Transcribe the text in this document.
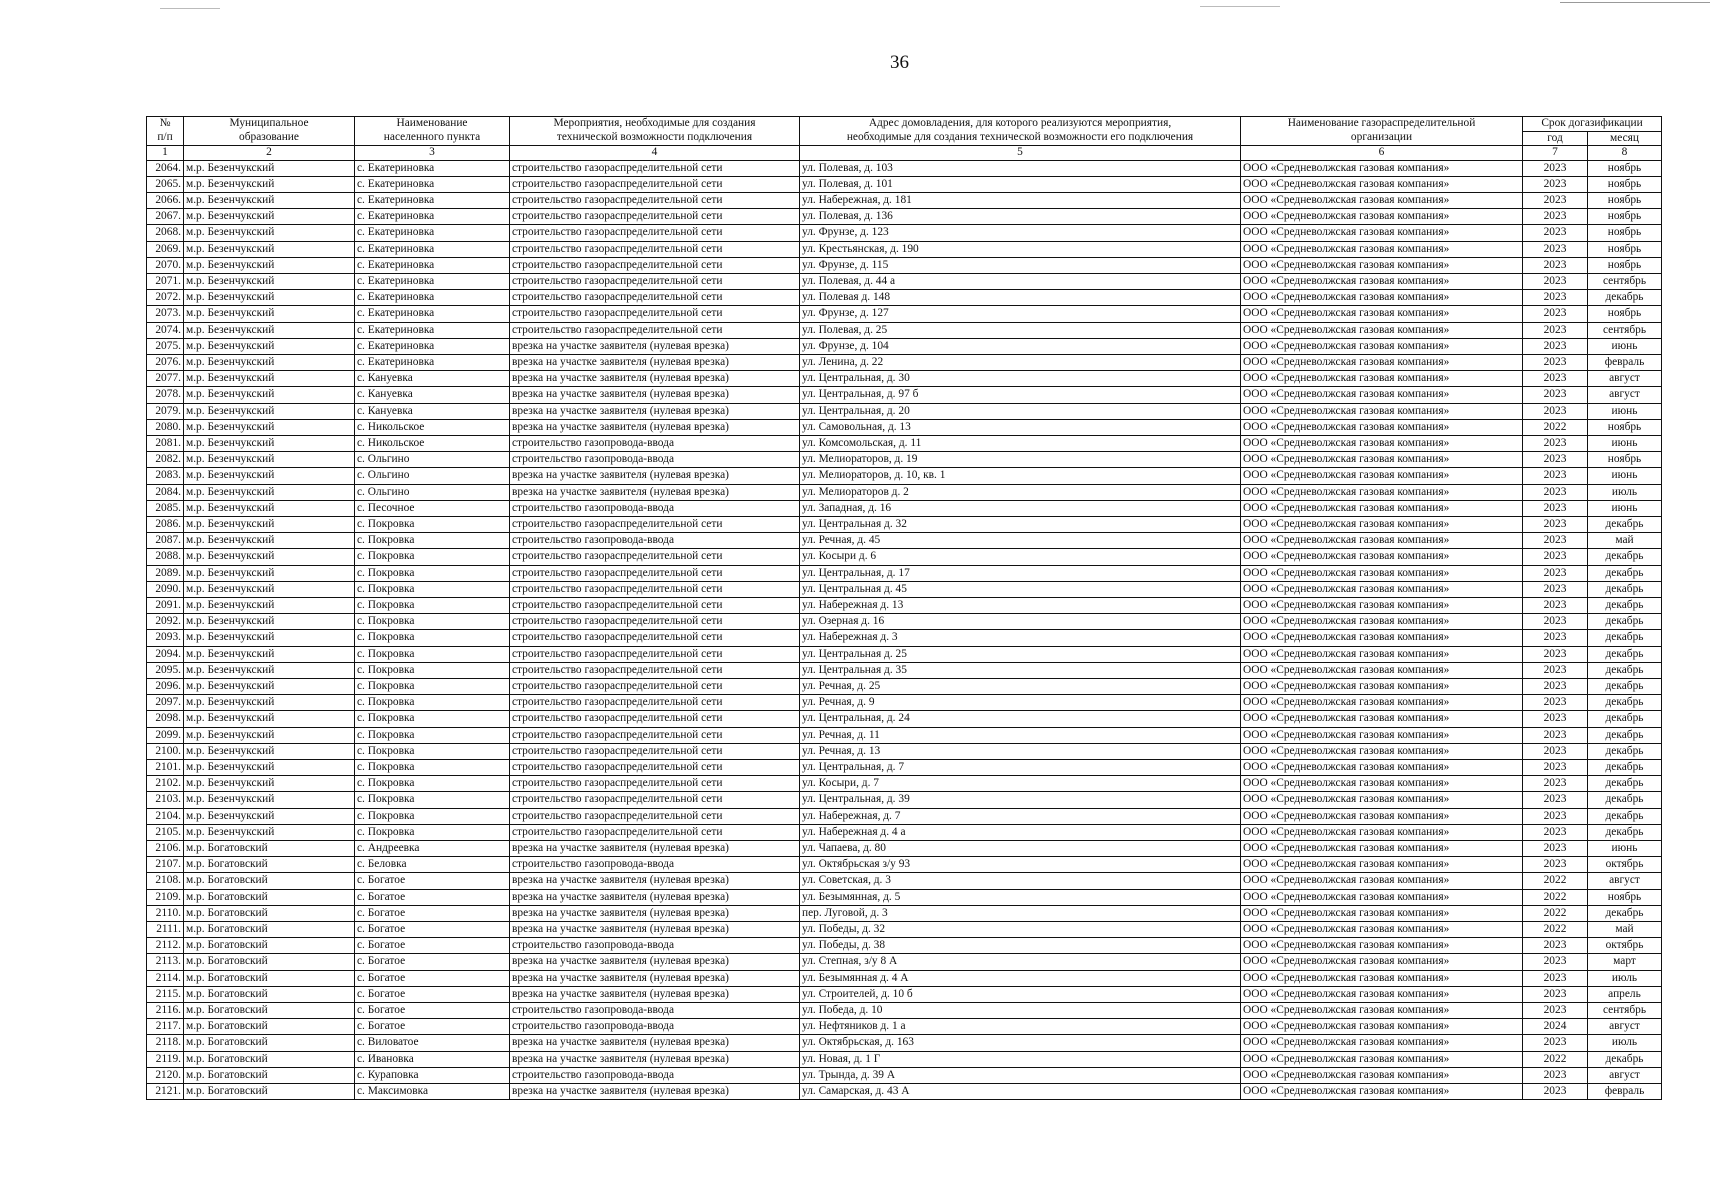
36
№	Муниципальное	Наименование	Мероприятия, необходимые для создания	Адрес домовладения, для которого реализуются мероприятия,	Наименование газораспределительной	Срок догазификации	
п/п	образование	населенного пункта	технической возможности подключения	необходимые для создания технической возможности его подключения	организации	год	месяц
1	2	3	4	5	6	7	8
2064.	м.р. Безенчукский	с. Екатериновка	строительство газораспределительной сети	ул. Полевая, д. 103	ООО «Средневолжская газовая компания»	2023	ноябрь
2065.	м.р. Безенчукский	с. Екатериновка	строительство газораспределительной сети	ул. Полевая, д. 101	ООО «Средневолжская газовая компания»	2023	ноябрь
2066.	м.р. Безенчукский	с. Екатериновка	строительство газораспределительной сети	ул. Набережная, д. 181	ООО «Средневолжская газовая компания»	2023	ноябрь
2067.	м.р. Безенчукский	с. Екатериновка	строительство газораспределительной сети	ул. Полевая, д. 136	ООО «Средневолжская газовая компания»	2023	ноябрь
2068.	м.р. Безенчукский	с. Екатериновка	строительство газораспределительной сети	ул. Фрунзе, д. 123	ООО «Средневолжская газовая компания»	2023	ноябрь
2069.	м.р. Безенчукский	с. Екатериновка	строительство газораспределительной сети	ул. Крестьянская, д. 190	ООО «Средневолжская газовая компания»	2023	ноябрь
2070.	м.р. Безенчукский	с. Екатериновка	строительство газораспределительной сети	ул. Фрунзе, д. 115	ООО «Средневолжская газовая компания»	2023	ноябрь
2071.	м.р. Безенчукский	с. Екатериновка	строительство газораспределительной сети	ул. Полевая, д. 44 а	ООО «Средневолжская газовая компания»	2023	сентябрь
2072.	м.р. Безенчукский	с. Екатериновка	строительство газораспределительной сети	ул. Полевая д. 148	ООО «Средневолжская газовая компания»	2023	декабрь
2073.	м.р. Безенчукский	с. Екатериновка	строительство газораспределительной сети	ул. Фрунзе, д. 127	ООО «Средневолжская газовая компания»	2023	ноябрь
2074.	м.р. Безенчукский	с. Екатериновка	строительство газораспределительной сети	ул. Полевая, д. 25	ООО «Средневолжская газовая компания»	2023	сентябрь
2075.	м.р. Безенчукский	с. Екатериновка	врезка на участке заявителя (нулевая врезка)	ул. Фрунзе, д. 104	ООО «Средневолжская газовая компания»	2023	июнь
2076.	м.р. Безенчукский	с. Екатериновка	врезка на участке заявителя (нулевая врезка)	ул. Ленина, д. 22	ООО «Средневолжская газовая компания»	2023	февраль
2077.	м.р. Безенчукский	с. Кануевка	врезка на участке заявителя (нулевая врезка)	ул. Центральная, д. 30	ООО «Средневолжская газовая компания»	2023	август
2078.	м.р. Безенчукский	с. Кануевка	врезка на участке заявителя (нулевая врезка)	ул. Центральная, д. 97 б	ООО «Средневолжская газовая компания»	2023	август
2079.	м.р. Безенчукский	с. Кануевка	врезка на участке заявителя (нулевая врезка)	ул. Центральная, д. 20	ООО «Средневолжская газовая компания»	2023	июнь
2080.	м.р. Безенчукский	с. Никольское	врезка на участке заявителя (нулевая врезка)	ул. Самовольная, д. 13	ООО «Средневолжская газовая компания»	2022	ноябрь
2081.	м.р. Безенчукский	с. Никольское	строительство газопровода-ввода	ул. Комсомольская, д. 11	ООО «Средневолжская газовая компания»	2023	июнь
2082.	м.р. Безенчукский	с. Ольгино	строительство газопровода-ввода	ул. Мелиораторов, д. 19	ООО «Средневолжская газовая компания»	2023	ноябрь
2083.	м.р. Безенчукский	с. Ольгино	врезка на участке заявителя (нулевая врезка)	ул. Мелиораторов, д. 10, кв. 1	ООО «Средневолжская газовая компания»	2023	июнь
2084.	м.р. Безенчукский	с. Ольгино	врезка на участке заявителя (нулевая врезка)	ул. Мелиораторов д. 2	ООО «Средневолжская газовая компания»	2023	июль
2085.	м.р. Безенчукский	с. Песочное	строительство газопровода-ввода	ул. Западная, д. 16	ООО «Средневолжская газовая компания»	2023	июнь
2086.	м.р. Безенчукский	с. Покровка	строительство газораспределительной сети	ул. Центральная д. 32	ООО «Средневолжская газовая компания»	2023	декабрь
2087.	м.р. Безенчукский	с. Покровка	строительство газопровода-ввода	ул. Речная, д. 45	ООО «Средневолжская газовая компания»	2023	май
2088.	м.р. Безенчукский	с. Покровка	строительство газораспределительной сети	ул. Косыри д. 6	ООО «Средневолжская газовая компания»	2023	декабрь
2089.	м.р. Безенчукский	с. Покровка	строительство газораспределительной сети	ул. Центральная, д. 17	ООО «Средневолжская газовая компания»	2023	декабрь
2090.	м.р. Безенчукский	с. Покровка	строительство газораспределительной сети	ул. Центральная д. 45	ООО «Средневолжская газовая компания»	2023	декабрь
2091.	м.р. Безенчукский	с. Покровка	строительство газораспределительной сети	ул. Набережная д. 13	ООО «Средневолжская газовая компания»	2023	декабрь
2092.	м.р. Безенчукский	с. Покровка	строительство газораспределительной сети	ул. Озерная д. 16	ООО «Средневолжская газовая компания»	2023	декабрь
2093.	м.р. Безенчукский	с. Покровка	строительство газораспределительной сети	ул. Набережная д. 3	ООО «Средневолжская газовая компания»	2023	декабрь
2094.	м.р. Безенчукский	с. Покровка	строительство газораспределительной сети	ул. Центральная д. 25	ООО «Средневолжская газовая компания»	2023	декабрь
2095.	м.р. Безенчукский	с. Покровка	строительство газораспределительной сети	ул. Центральная д. 35	ООО «Средневолжская газовая компания»	2023	декабрь
2096.	м.р. Безенчукский	с. Покровка	строительство газораспределительной сети	ул. Речная, д. 25	ООО «Средневолжская газовая компания»	2023	декабрь
2097.	м.р. Безенчукский	с. Покровка	строительство газораспределительной сети	ул. Речная, д. 9	ООО «Средневолжская газовая компания»	2023	декабрь
2098.	м.р. Безенчукский	с. Покровка	строительство газораспределительной сети	ул. Центральная, д. 24	ООО «Средневолжская газовая компания»	2023	декабрь
2099.	м.р. Безенчукский	с. Покровка	строительство газораспределительной сети	ул. Речная, д. 11	ООО «Средневолжская газовая компания»	2023	декабрь
2100.	м.р. Безенчукский	с. Покровка	строительство газораспределительной сети	ул. Речная, д. 13	ООО «Средневолжская газовая компания»	2023	декабрь
2101.	м.р. Безенчукский	с. Покровка	строительство газораспределительной сети	ул. Центральная, д. 7	ООО «Средневолжская газовая компания»	2023	декабрь
2102.	м.р. Безенчукский	с. Покровка	строительство газораспределительной сети	ул. Косыри, д. 7	ООО «Средневолжская газовая компания»	2023	декабрь
2103.	м.р. Безенчукский	с. Покровка	строительство газораспределительной сети	ул. Центральная, д. 39	ООО «Средневолжская газовая компания»	2023	декабрь
2104.	м.р. Безенчукский	с. Покровка	строительство газораспределительной сети	ул. Набережная, д. 7	ООО «Средневолжская газовая компания»	2023	декабрь
2105.	м.р. Безенчукский	с. Покровка	строительство газораспределительной сети	ул. Набережная д. 4 а	ООО «Средневолжская газовая компания»	2023	декабрь
2106.	м.р. Богатовский	с. Андреевка	врезка на участке заявителя (нулевая врезка)	ул. Чапаева, д. 80	ООО «Средневолжская газовая компания»	2023	июнь
2107.	м.р. Богатовский	с. Беловка	строительство газопровода-ввода	ул. Октябрьская з/у 93	ООО «Средневолжская газовая компания»	2023	октябрь
2108.	м.р. Богатовский	с. Богатое	врезка на участке заявителя (нулевая врезка)	ул. Советская, д. 3	ООО «Средневолжская газовая компания»	2022	август
2109.	м.р. Богатовский	с. Богатое	врезка на участке заявителя (нулевая врезка)	ул. Безымянная, д. 5	ООО «Средневолжская газовая компания»	2022	ноябрь
2110.	м.р. Богатовский	с. Богатое	врезка на участке заявителя (нулевая врезка)	пер. Луговой, д. 3	ООО «Средневолжская газовая компания»	2022	декабрь
2111.	м.р. Богатовский	с. Богатое	врезка на участке заявителя (нулевая врезка)	ул. Победы, д. 32	ООО «Средневолжская газовая компания»	2022	май
2112.	м.р. Богатовский	с. Богатое	строительство газопровода-ввода	ул. Победы, д. 38	ООО «Средневолжская газовая компания»	2023	октябрь
2113.	м.р. Богатовский	с. Богатое	врезка на участке заявителя (нулевая врезка)	ул. Степная, з/у 8 А	ООО «Средневолжская газовая компания»	2023	март
2114.	м.р. Богатовский	с. Богатое	врезка на участке заявителя (нулевая врезка)	ул. Безымянная д. 4 А	ООО «Средневолжская газовая компания»	2023	июль
2115.	м.р. Богатовский	с. Богатое	врезка на участке заявителя (нулевая врезка)	ул. Строителей, д. 10 б	ООО «Средневолжская газовая компания»	2023	апрель
2116.	м.р. Богатовский	с. Богатое	строительство газопровода-ввода	ул. Победа, д. 10	ООО «Средневолжская газовая компания»	2023	сентябрь
2117.	м.р. Богатовский	с. Богатое	строительство газопровода-ввода	ул. Нефтяников д. 1 а	ООО «Средневолжская газовая компания»	2024	август
2118.	м.р. Богатовский	с. Виловатое	врезка на участке заявителя (нулевая врезка)	ул. Октябрьская, д. 163	ООО «Средневолжская газовая компания»	2023	июль
2119.	м.р. Богатовский	с. Ивановка	врезка на участке заявителя (нулевая врезка)	ул. Новая, д. 1 Г	ООО «Средневолжская газовая компания»	2022	декабрь
2120.	м.р. Богатовский	с. Курaповка	строительство газопровода-ввода	ул. Трында, д. 39 А	ООО «Средневолжская газовая компания»	2023	август
2121.	м.р. Богатовский	с. Максимовка	врезка на участке заявителя (нулевая врезка)	ул. Самарская, д. 43 А	ООО «Средневолжская газовая компания»	2023	февраль
